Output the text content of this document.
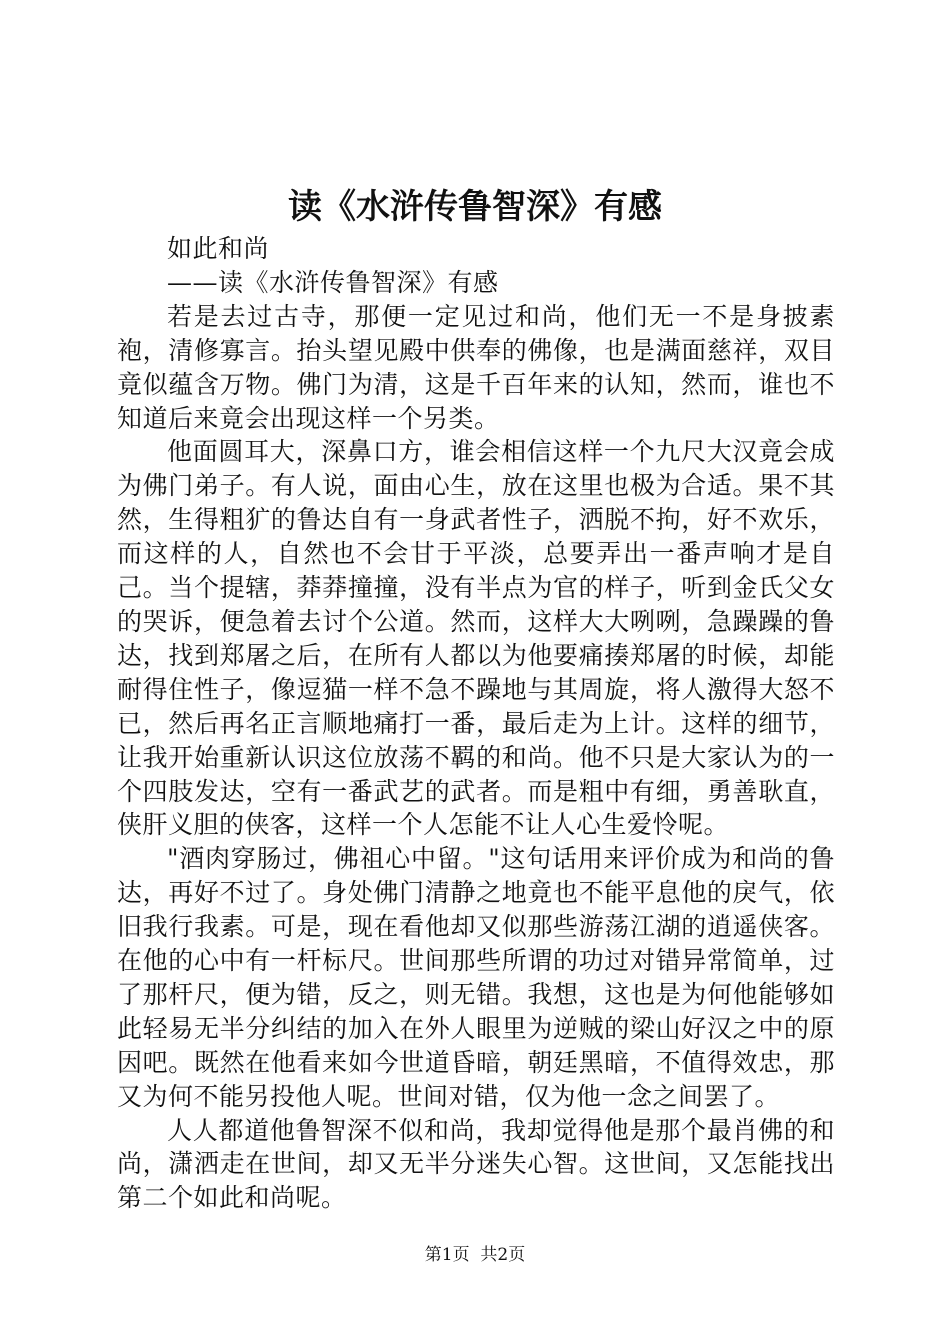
读《水浒传鲁智深》有感

如此和尚

——读《水浒传鲁智深》有感

若是去过古寺，那便一定见过和尚，他们无一不是身披素袍，清修寡言。抬头望见殿中供奉的佛像，也是满面慈祥，双目竟似蕴含万物。佛门为清，这是千百年来的认知，然而，谁也不知道后来竟会出现这样一个另类。

他面圆耳大，深鼻口方，谁会相信这样一个九尺大汉竟会成为佛门弟子。有人说，面由心生，放在这里也极为合适。果不其然，生得粗犷的鲁达自有一身武者性子，洒脱不拘，好不欢乐，而这样的人，自然也不会甘于平淡，总要弄出一番声响才是自己。当个提辖，莽莽撞撞，没有半点为官的样子，听到金氏父女的哭诉，便急着去讨个公道。然而，这样大大咧咧，急躁躁的鲁达，找到郑屠之后，在所有人都以为他要痛揍郑屠的时候，却能耐得住性子，像逗猫一样不急不躁地与其周旋，将人激得大怒不已，然后再名正言顺地痛打一番，最后走为上计。这样的细节，让我开始重新认识这位放荡不羁的和尚。他不只是大家认为的一个四肢发达，空有一番武艺的武者。而是粗中有细，勇善耿直，侠肝义胆的侠客，这样一个人怎能不让人心生爱怜呢。

"酒肉穿肠过，佛祖心中留。"这句话用来评价成为和尚的鲁达，再好不过了。身处佛门清静之地竟也不能平息他的戾气，依旧我行我素。可是，现在看他却又似那些游荡江湖的逍遥侠客。在他的心中有一杆标尺。世间那些所谓的功过对错异常简单，过了那杆尺，便为错，反之，则无错。我想，这也是为何他能够如此轻易无半分纠结的加入在外人眼里为逆贼的梁山好汉之中的原因吧。既然在他看来如今世道昏暗，朝廷黑暗，不值得效忠，那又为何不能另投他人呢。世间对错，仅为他一念之间罢了。

人人都道他鲁智深不似和尚，我却觉得他是那个最肖佛的和尚，潇洒走在世间，却又无半分迷失心智。这世间，又怎能找出第二个如此和尚呢。

第1页 共2页
